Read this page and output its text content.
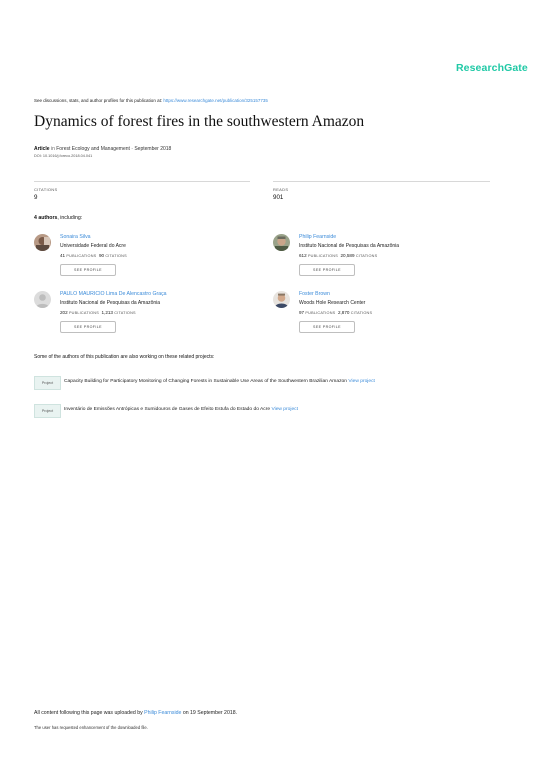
ResearchGate
See discussions, stats, and author profiles for this publication at: https://www.researchgate.net/publication/325157735
Dynamics of forest fires in the southwestern Amazon
Article in Forest Ecology and Management · September 2018
DOI: 10.1016/j.foreco.2018.04.041
CITATIONS
9
READS
901
4 authors, including:
Sonaira Silva
Universidade Federal do Acre
41 PUBLICATIONS 90 CITATIONS
SEE PROFILE
Philip Fearnside
Instituto Nacional de Pesquisas da Amazônia
612 PUBLICATIONS 20,589 CITATIONS
SEE PROFILE
PAULO MAURICIO Lima De Alencastro Graça
Instituto Nacional de Pesquisas da Amazônia
202 PUBLICATIONS 1,213 CITATIONS
SEE PROFILE
Foster Brown
Woods Hole Research Center
97 PUBLICATIONS 2,870 CITATIONS
SEE PROFILE
Some of the authors of this publication are also working on these related projects:
Project	Capacity Building for Participatory Monitoring of Changing Forests in Sustainable Use Areas of the Southwestern Brazilian Amazon View project
Project	Inventário de Emissões Antrópicas e Sumidouros de Gases de Efeito Estufa do Estado do Acre View project
All content following this page was uploaded by Philip Fearnside on 19 September 2018.
The user has requested enhancement of the downloaded file.
